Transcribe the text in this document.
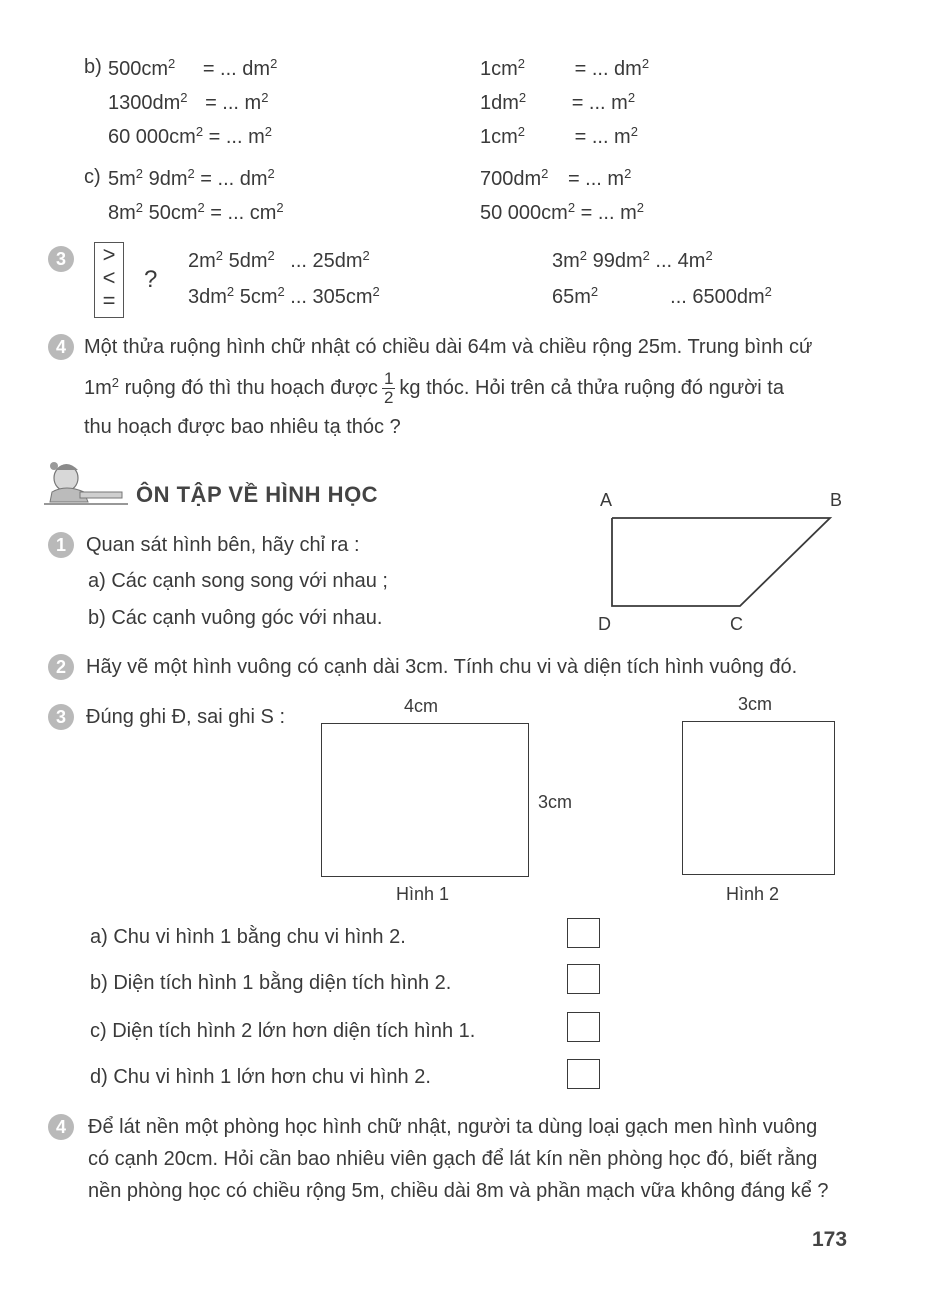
b) $500cm^2$ = ... $dm^2$	$1cm^2$ = ... $dm^2$
$1300dm^2$ = ... $m^2$	$1dm^2$ = ... $m^2$
60 $000cm^2$ = ... $m^2$	$1cm^2$ = ... $m^2$
c) $5m^2$ $9dm^2$ = ... $dm^2$	$700dm^2$ = ... $m^2$
$8m^2$ $50cm^2$ = ... $cm^2$	50 $000cm^2$ = ... $m^2$
3	>
<
=
?
$2m^2$ $5dm^2$ ... $25dm^2$	$3m^2$ $99dm^2$ ... $4m^2$
$3dm^2$ $5cm^2$ ... $305cm^2$	$65m^2$	... $6500dm^2$
4 Một thửa ruộng hình chữ nhật có chiều dài 64m và chiều rộng 25m. Trung bình cứ
$1m^2$ ruộng đó thì thu hoạch được $\frac{1}{2}$ kg thóc. Hỏi trên cả thửa ruộng đó người ta
thu hoạch được bao nhiêu tạ thóc ?
ÔN TẬP VỀ HÌNH HỌC
1	Quan sát hình bên, hãy chỉ ra :
a) Các cạnh song song với nhau ;
b) Các cạnh vuông góc với nhau.
A	B
C
D
2	Hãy vẽ một hình vuông có cạnh dài 3cm. Tính chu vi và diện tích hình vuông đó.
3	Đúng ghi Đ, sai ghi S :	4cm
3cm
Hình 1
3cm
Hình 2
a) Chu vi hình 1 bằng chu vi hình 2.
b) Diện tích hình 1 bằng diện tích hình 2.
c) Diện tích hình 2 lớn hơn diện tích hình 1.
d) Chu vi hình 1 lớn hơn chu vi hình 2.
4	Để lát nền một phòng học hình chữ nhật, người ta dùng loại gạch men hình vuông
có cạnh 20cm. Hỏi cần bao nhiêu viên gạch để lát kín nền phòng học đó, biết rằng
nền phòng học có chiều rộng 5m, chiều dài 8m và phần mạch vữa không đáng kể ?
173
